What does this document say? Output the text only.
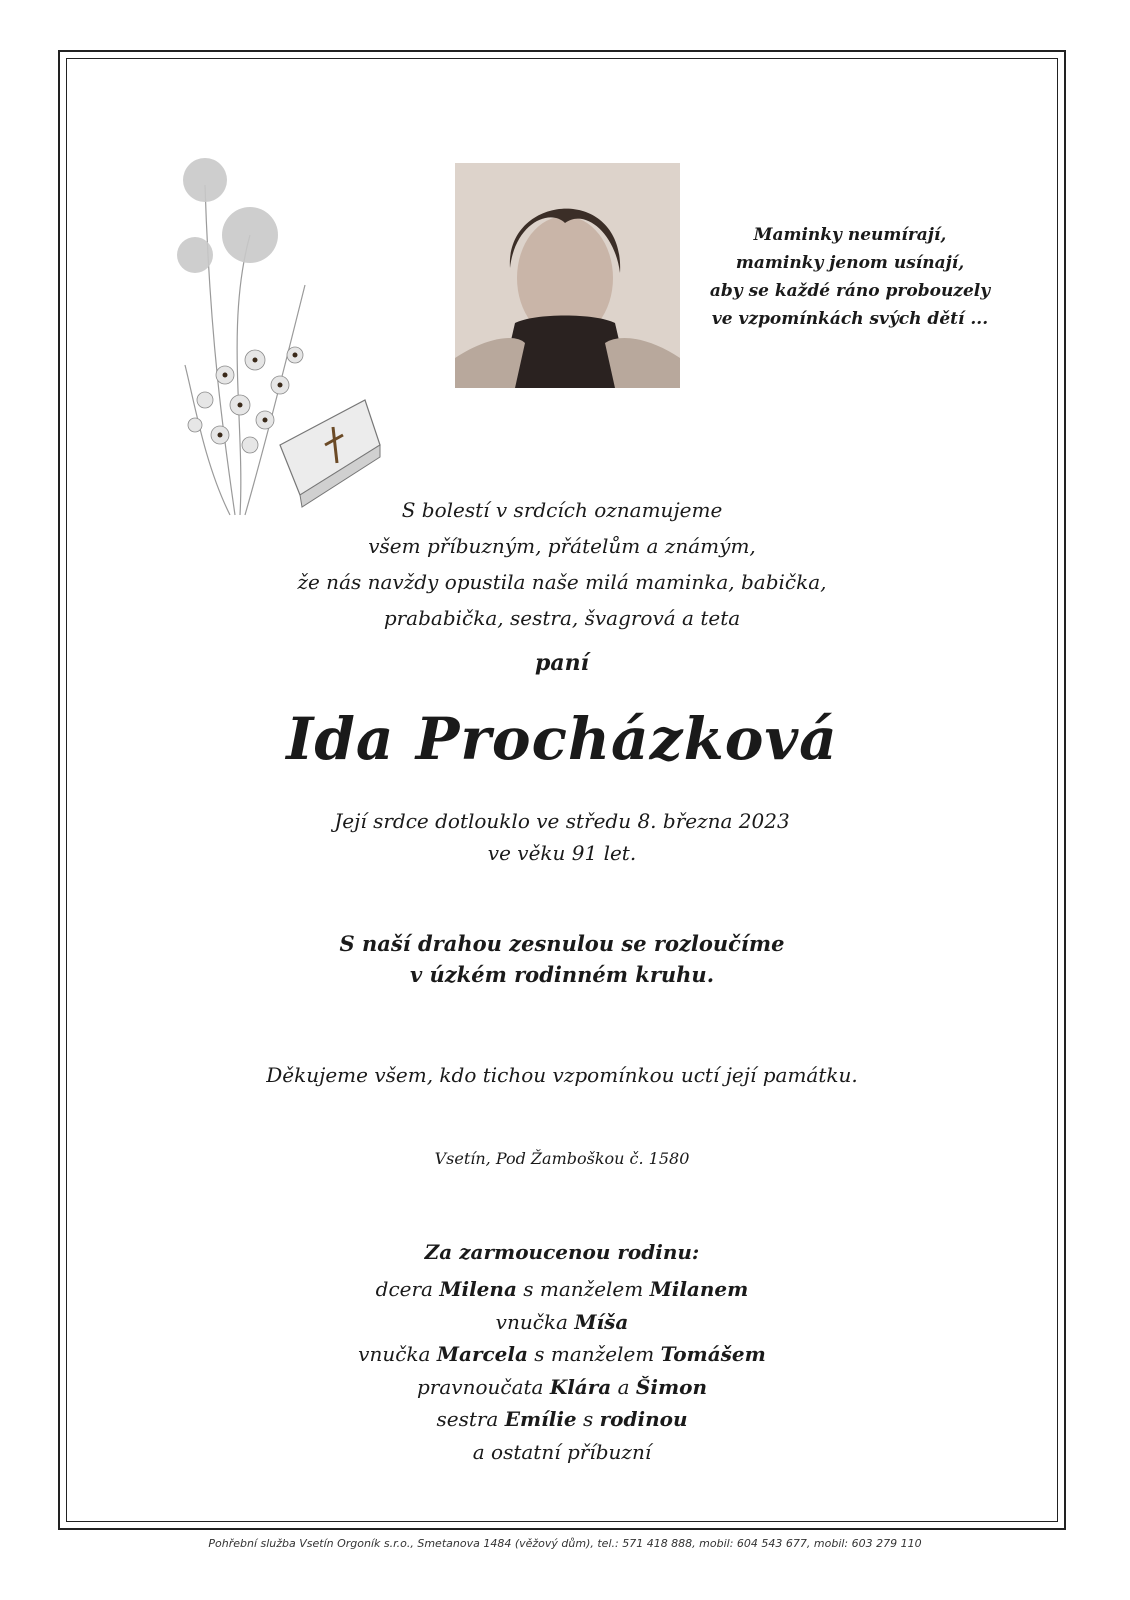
Maminky neumírají,
maminky jenom usínají,
aby se každé ráno probouzely
ve vzpomínkách svých dětí ...
S bolestí v srdcích oznamujeme
všem příbuzným, přátelům a známým,
že nás navždy opustila naše milá maminka, babička,
prababička, sestra, švagrová a teta
paní
Ida Procházková
Její srdce dotlouklo ve středu 8. března 2023
ve věku 91 let.
S naší drahou zesnulou se rozloučíme
v úzkém rodinném kruhu.
Děkujeme všem, kdo tichou vzpomínkou uctí její památku.
Vsetín, Pod Žamboškou č. 1580
Za zarmoucenou rodinu:
dcera Milena s manželem Milanem
vnučka Míša
vnučka Marcela s manželem Tomášem
pravnoučata Klára a Šimon
sestra Emílie s rodinou
a ostatní příbuzní
Pohřební služba Vsetín Orgoník s.r.o., Smetanova 1484 (věžový dům), tel.: 571 418 888, mobil: 604 543 677, mobil: 603 279 110
